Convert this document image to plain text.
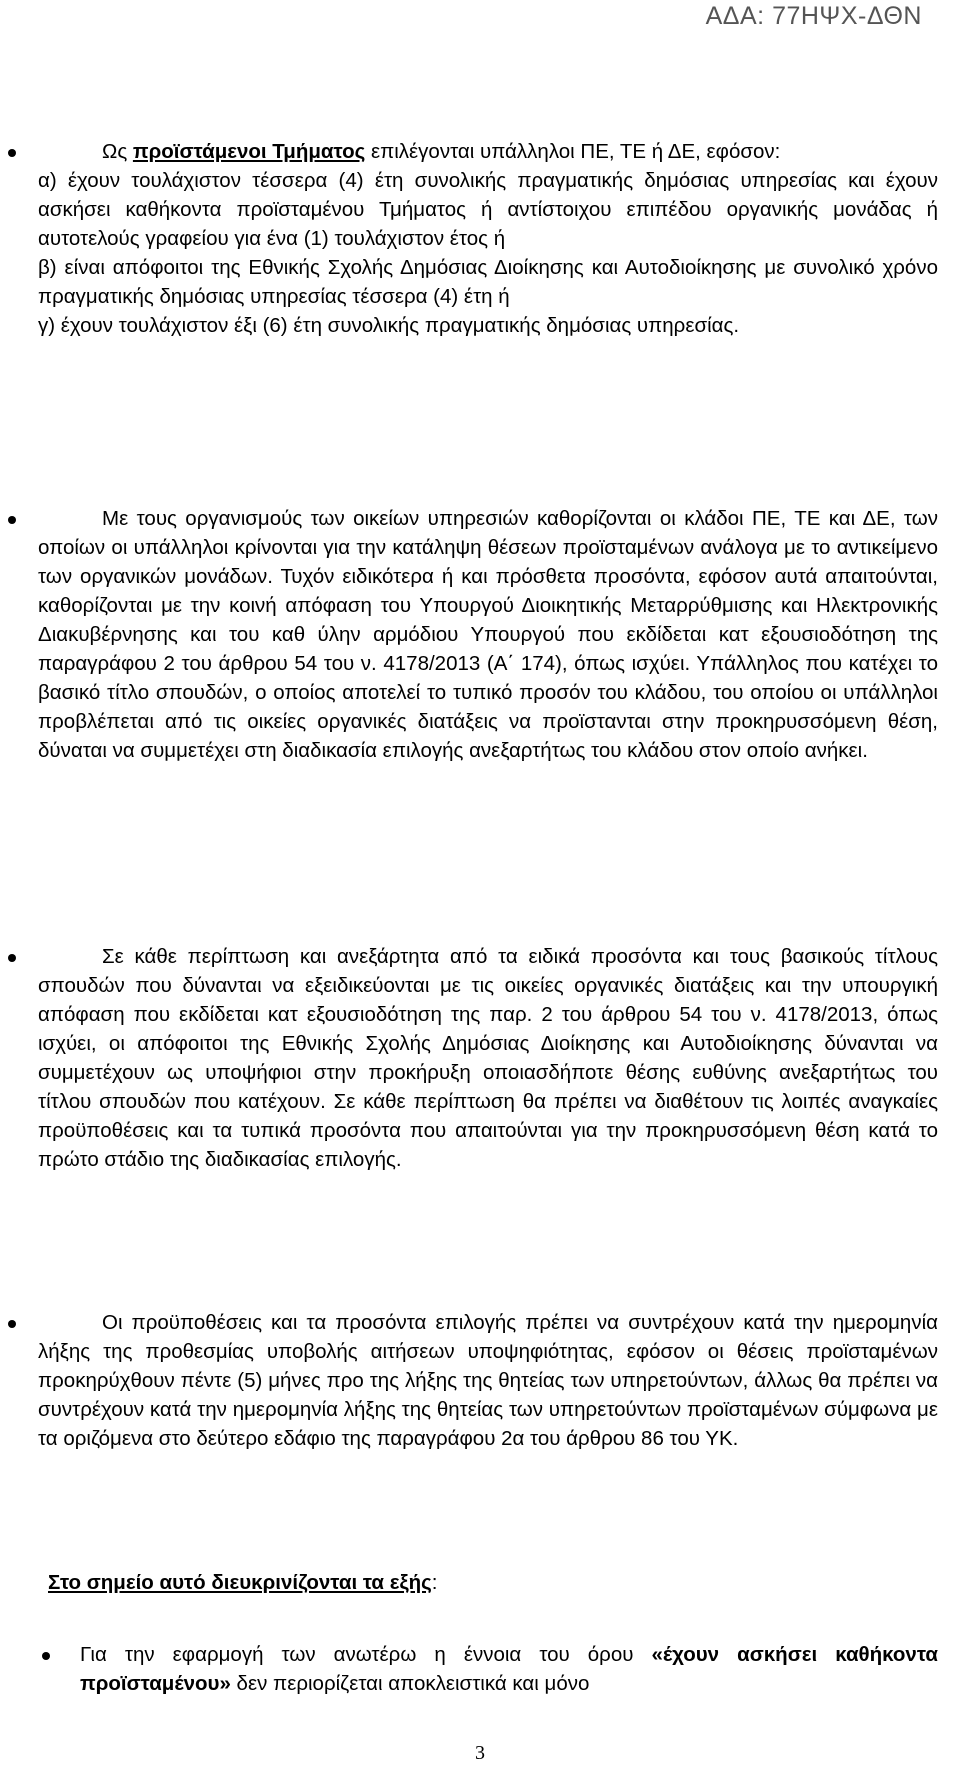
ΑΔΑ: 77ΗΨΧ-ΔΘΝ

Ως προϊστάμενοι Τμήματος επιλέγονται υπάλληλοι ΠΕ, ΤΕ ή ΔΕ, εφόσον:

α) έχουν τουλάχιστον τέσσερα (4) έτη συνολικής πραγματικής δημόσιας υπηρεσίας και έχουν ασκήσει καθήκοντα προϊσταμένου Τμήματος ή αντίστοιχου επιπέδου οργανικής μονάδας ή αυτοτελούς γραφείου για ένα (1) τουλάχιστον έτος ή

β) είναι απόφοιτοι της Εθνικής Σχολής Δημόσιας Διοίκησης και Αυτοδιοίκησης με συνολικό χρόνο πραγματικής δημόσιας υπηρεσίας τέσσερα (4) έτη ή

γ) έχουν τουλάχιστον έξι (6) έτη συνολικής πραγματικής δημόσιας υπηρεσίας.

Με τους οργανισμούς των οικείων υπηρεσιών καθορίζονται οι κλάδοι ΠΕ, ΤΕ και ΔΕ, των οποίων οι υπάλληλοι κρίνονται για την κατάληψη θέσεων προϊσταμένων ανάλογα με το αντικείμενο των οργανικών μονάδων. Τυχόν ειδικότερα ή και πρόσθετα προσόντα, εφόσον αυτά απαιτούνται, καθορίζονται με την κοινή απόφαση του Υπουργού Διοικητικής Μεταρρύθμισης και Ηλεκτρονικής Διακυβέρνησης και του καθ ύλην αρμόδιου Υπουργού που εκδίδεται κατ εξουσιοδότηση της παραγράφου 2 του άρθρου 54 του ν. 4178/2013 (Α΄ 174), όπως ισχύει. Υπάλληλος που κατέχει το βασικό τίτλο σπουδών, ο οποίος αποτελεί το τυπικό προσόν του κλάδου, του οποίου οι υπάλληλοι προβλέπεται από τις οικείες οργανικές διατάξεις να προϊστανται στην προκηρυσσόμενη θέση, δύναται να συμμετέχει στη διαδικασία επιλογής ανεξαρτήτως του κλάδου στον οποίο ανήκει.

Σε κάθε περίπτωση και ανεξάρτητα από τα ειδικά προσόντα και τους βασικούς τίτλους σπουδών που δύνανται να εξειδικεύονται με τις οικείες οργανικές διατάξεις και την υπουργική απόφαση που εκδίδεται κατ εξουσιοδότηση της παρ. 2 του άρθρου 54 του ν. 4178/2013, όπως ισχύει, οι απόφοιτοι της Εθνικής Σχολής Δημόσιας Διοίκησης και Αυτοδιοίκησης δύνανται να συμμετέχουν ως υποψήφιοι στην προκήρυξη οποιασδήποτε θέσης ευθύνης ανεξαρτήτως του τίτλου σπουδών που κατέχουν. Σε κάθε περίπτωση θα πρέπει να διαθέτουν τις λοιπές αναγκαίες προϋποθέσεις και τα τυπικά προσόντα που απαιτούνται για την προκηρυσσόμενη θέση κατά το πρώτο στάδιο της διαδικασίας επιλογής.

Οι προϋποθέσεις και τα προσόντα επιλογής πρέπει να συντρέχουν κατά την ημερομηνία λήξης της προθεσμίας υποβολής αιτήσεων υποψηφιότητας, εφόσον οι θέσεις προϊσταμένων προκηρύχθουν πέντε (5) μήνες προ της λήξης της θητείας των υπηρετούντων, άλλως θα πρέπει να συντρέχουν κατά την ημερομηνία λήξης της θητείας των υπηρετούντων προϊσταμένων σύμφωνα με τα οριζόμενα στο δεύτερο εδάφιο της παραγράφου 2α του άρθρου 86 του ΥΚ.

Στο σημείο αυτό διευκρινίζονται τα εξής:

Για την εφαρμογή των ανωτέρω η έννοια του όρου «έχουν ασκήσει καθήκοντα προϊσταμένου» δεν περιορίζεται αποκλειστικά και μόνο

3
